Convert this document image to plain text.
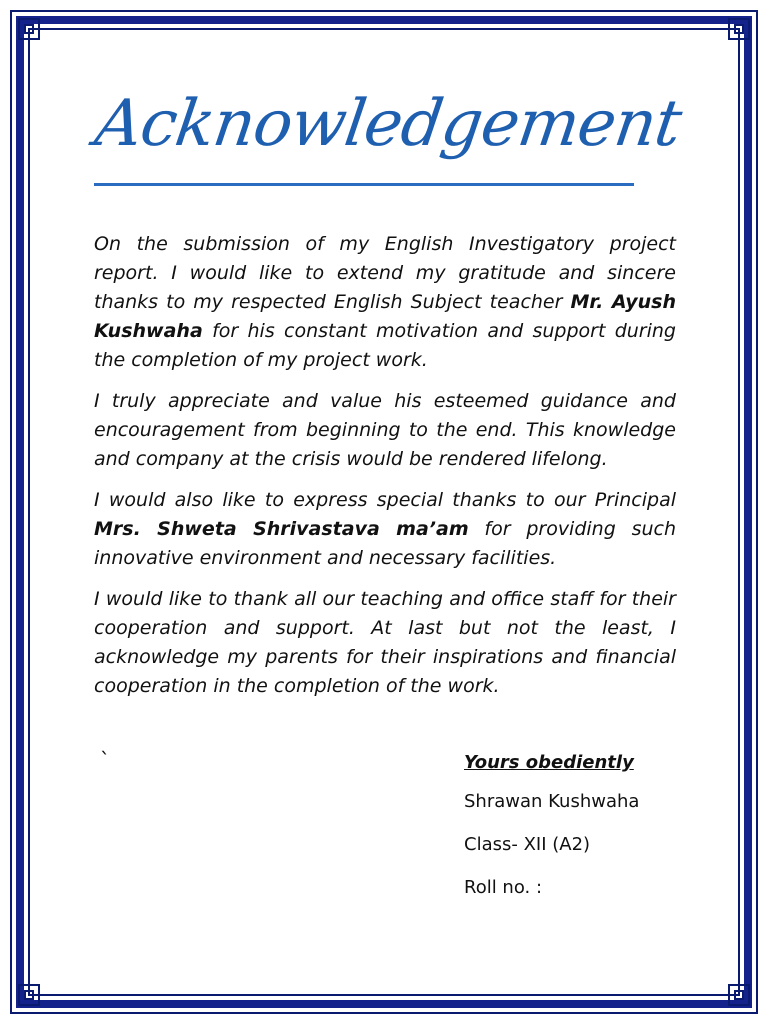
Acknowledgement

On the submission of my English Investigatory project report. I would like to extend my gratitude and sincere thanks to my respected English Subject teacher Mr. Ayush Kushwaha for his constant motivation and support during the completion of my project work.

I truly appreciate and value his esteemed guidance and encouragement from beginning to the end. This knowledge and company at the crisis would be rendered lifelong.

I would also like to express special thanks to our Principal Mrs. Shweta Shrivastava ma’am for providing such innovative environment and necessary facilities.

I would like to thank all our teaching and office staff for their cooperation and support. At last but not the least, I acknowledge my parents for their inspirations and financial cooperation in the completion of the work.

`	Yours obediently
Shrawan Kushwaha
Class- XII (A2)
Roll no. :
